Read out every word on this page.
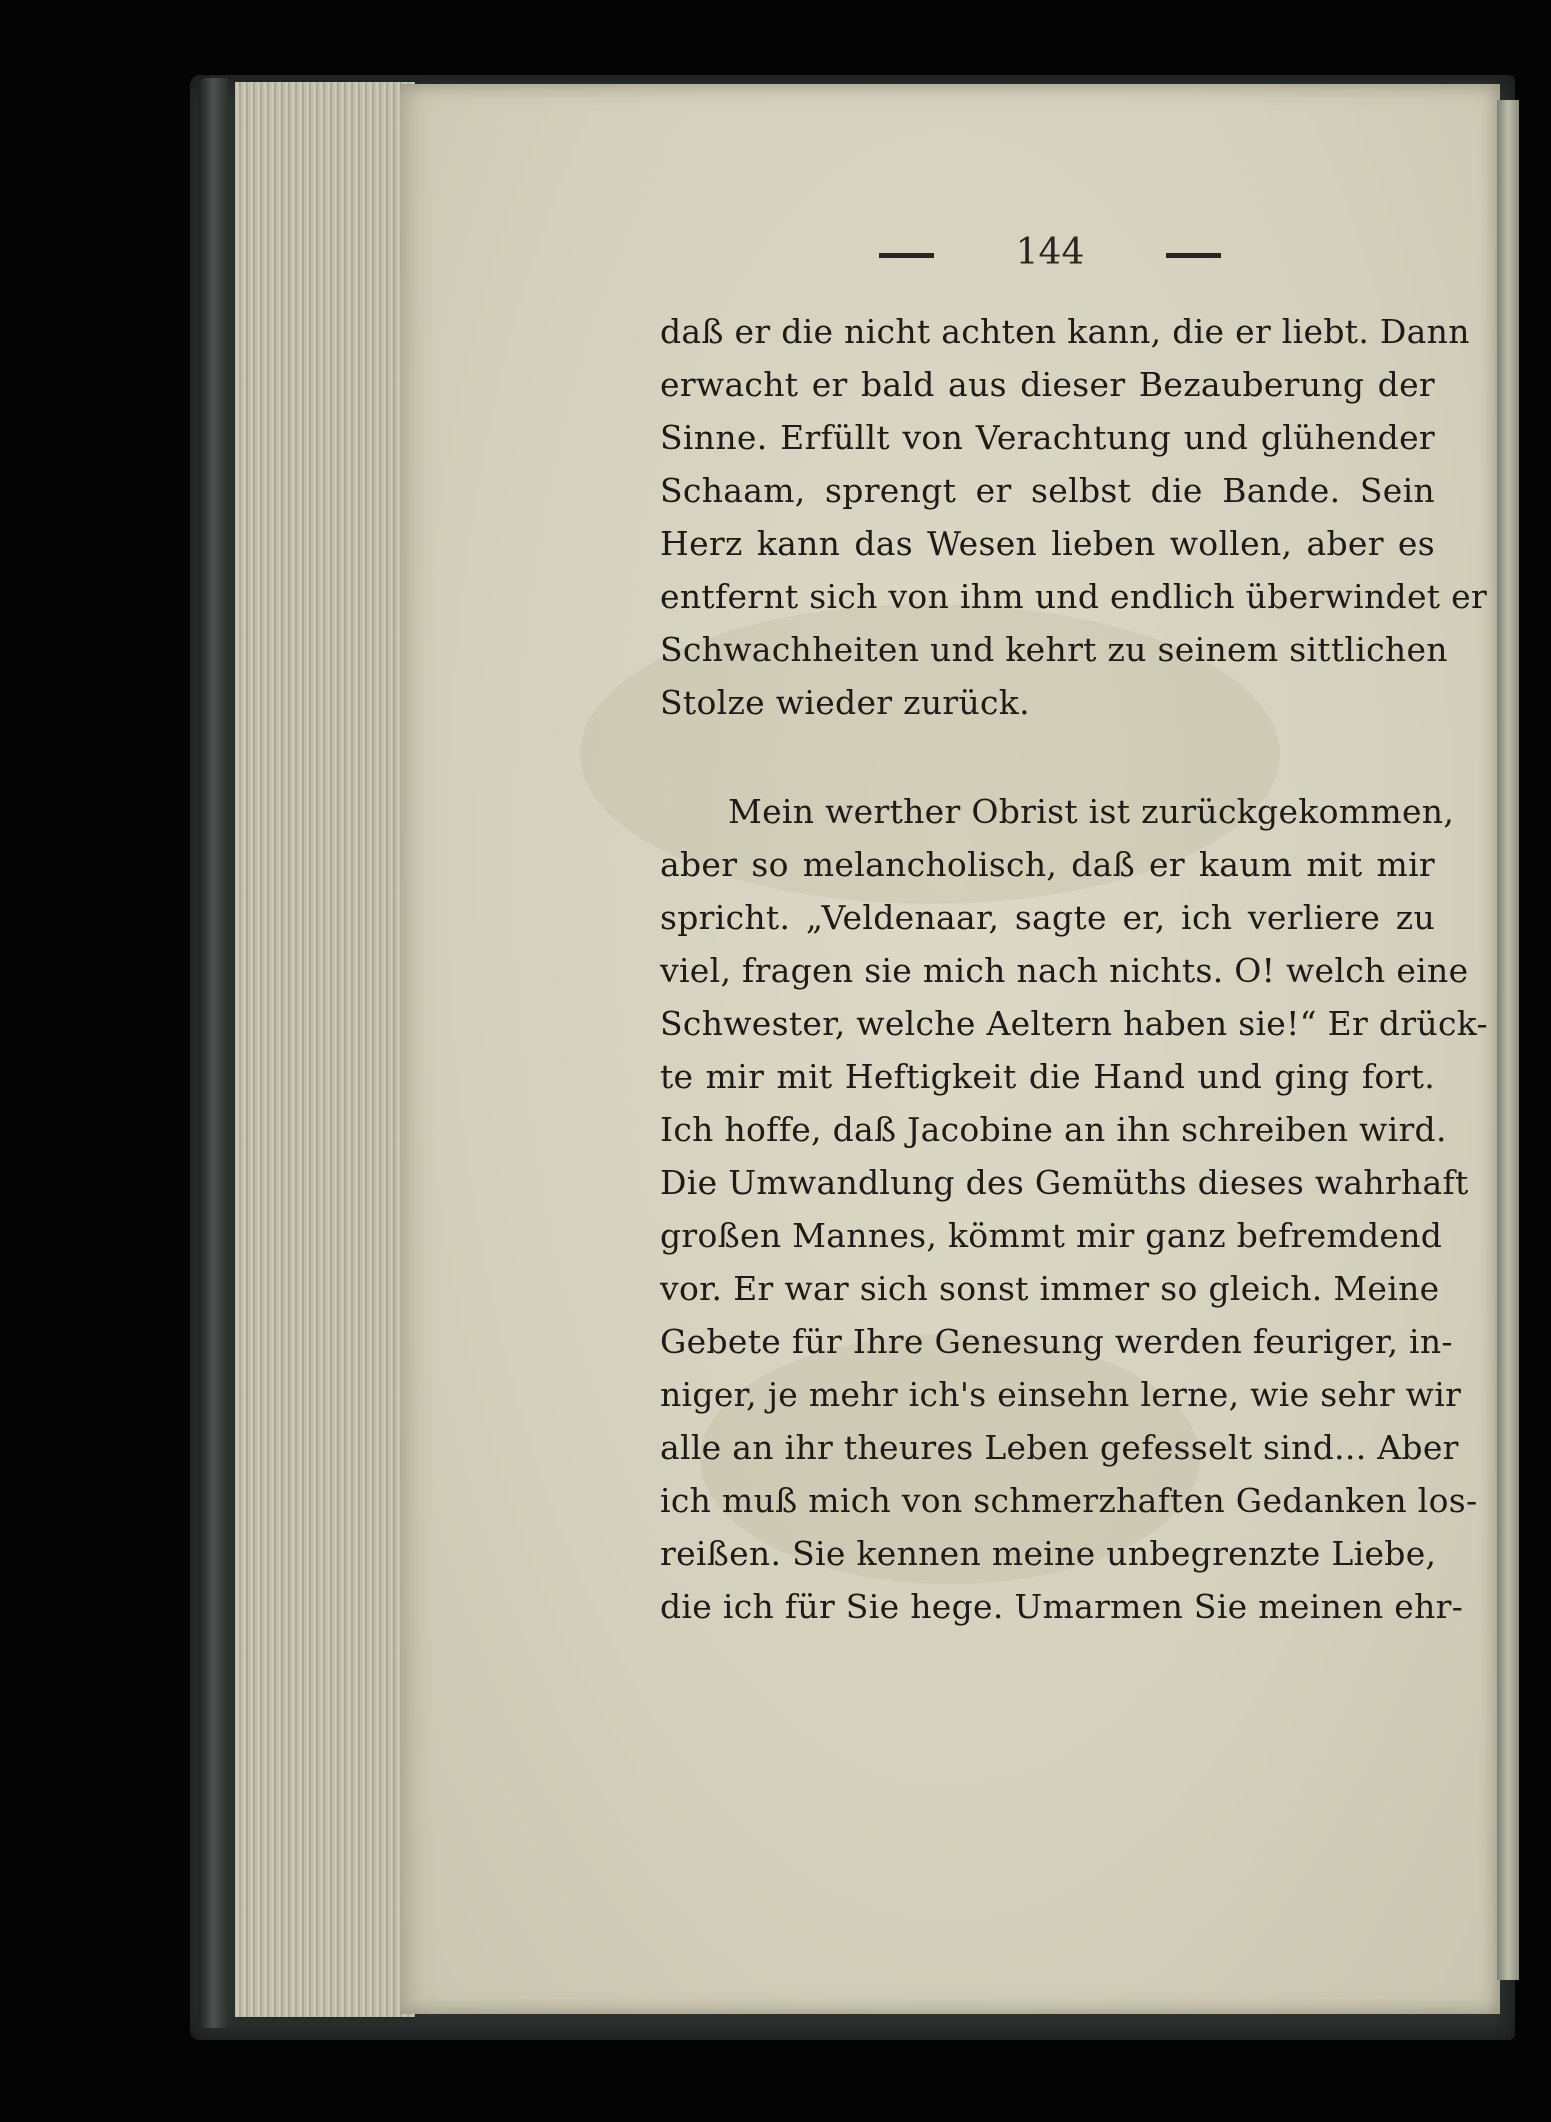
144
daß er die nicht achten kann, die er liebt. Dann
erwacht er bald aus dieser Bezauberung der
Sinne. Erfüllt von Verachtung und glühender
Schaam, sprengt er selbst die Bande. Sein
Herz kann das Wesen lieben wollen, aber es
entfernt sich von ihm und endlich überwindet er
Schwachheiten und kehrt zu seinem sittlichen
Stolze wieder zurück.
Mein werther Obrist ist zurückgekommen,
aber so melancholisch, daß er kaum mit mir
spricht. „Veldenaar, sagte er, ich verliere zu
viel, fragen sie mich nach nichts. O! welch eine
Schwester, welche Aeltern haben sie!“ Er drück-
te mir mit Heftigkeit die Hand und ging fort.
Ich hoffe, daß Jacobine an ihn schreiben wird.
Die Umwandlung des Gemüths dieses wahrhaft
großen Mannes, kömmt mir ganz befremdend
vor. Er war sich sonst immer so gleich. Meine
Gebete für Ihre Genesung werden feuriger, in-
niger, je mehr ich's einsehn lerne, wie sehr wir
alle an ihr theures Leben gefesselt sind... Aber
ich muß mich von schmerzhaften Gedanken los-
reißen. Sie kennen meine unbegrenzte Liebe,
die ich für Sie hege. Umarmen Sie meinen ehr-
